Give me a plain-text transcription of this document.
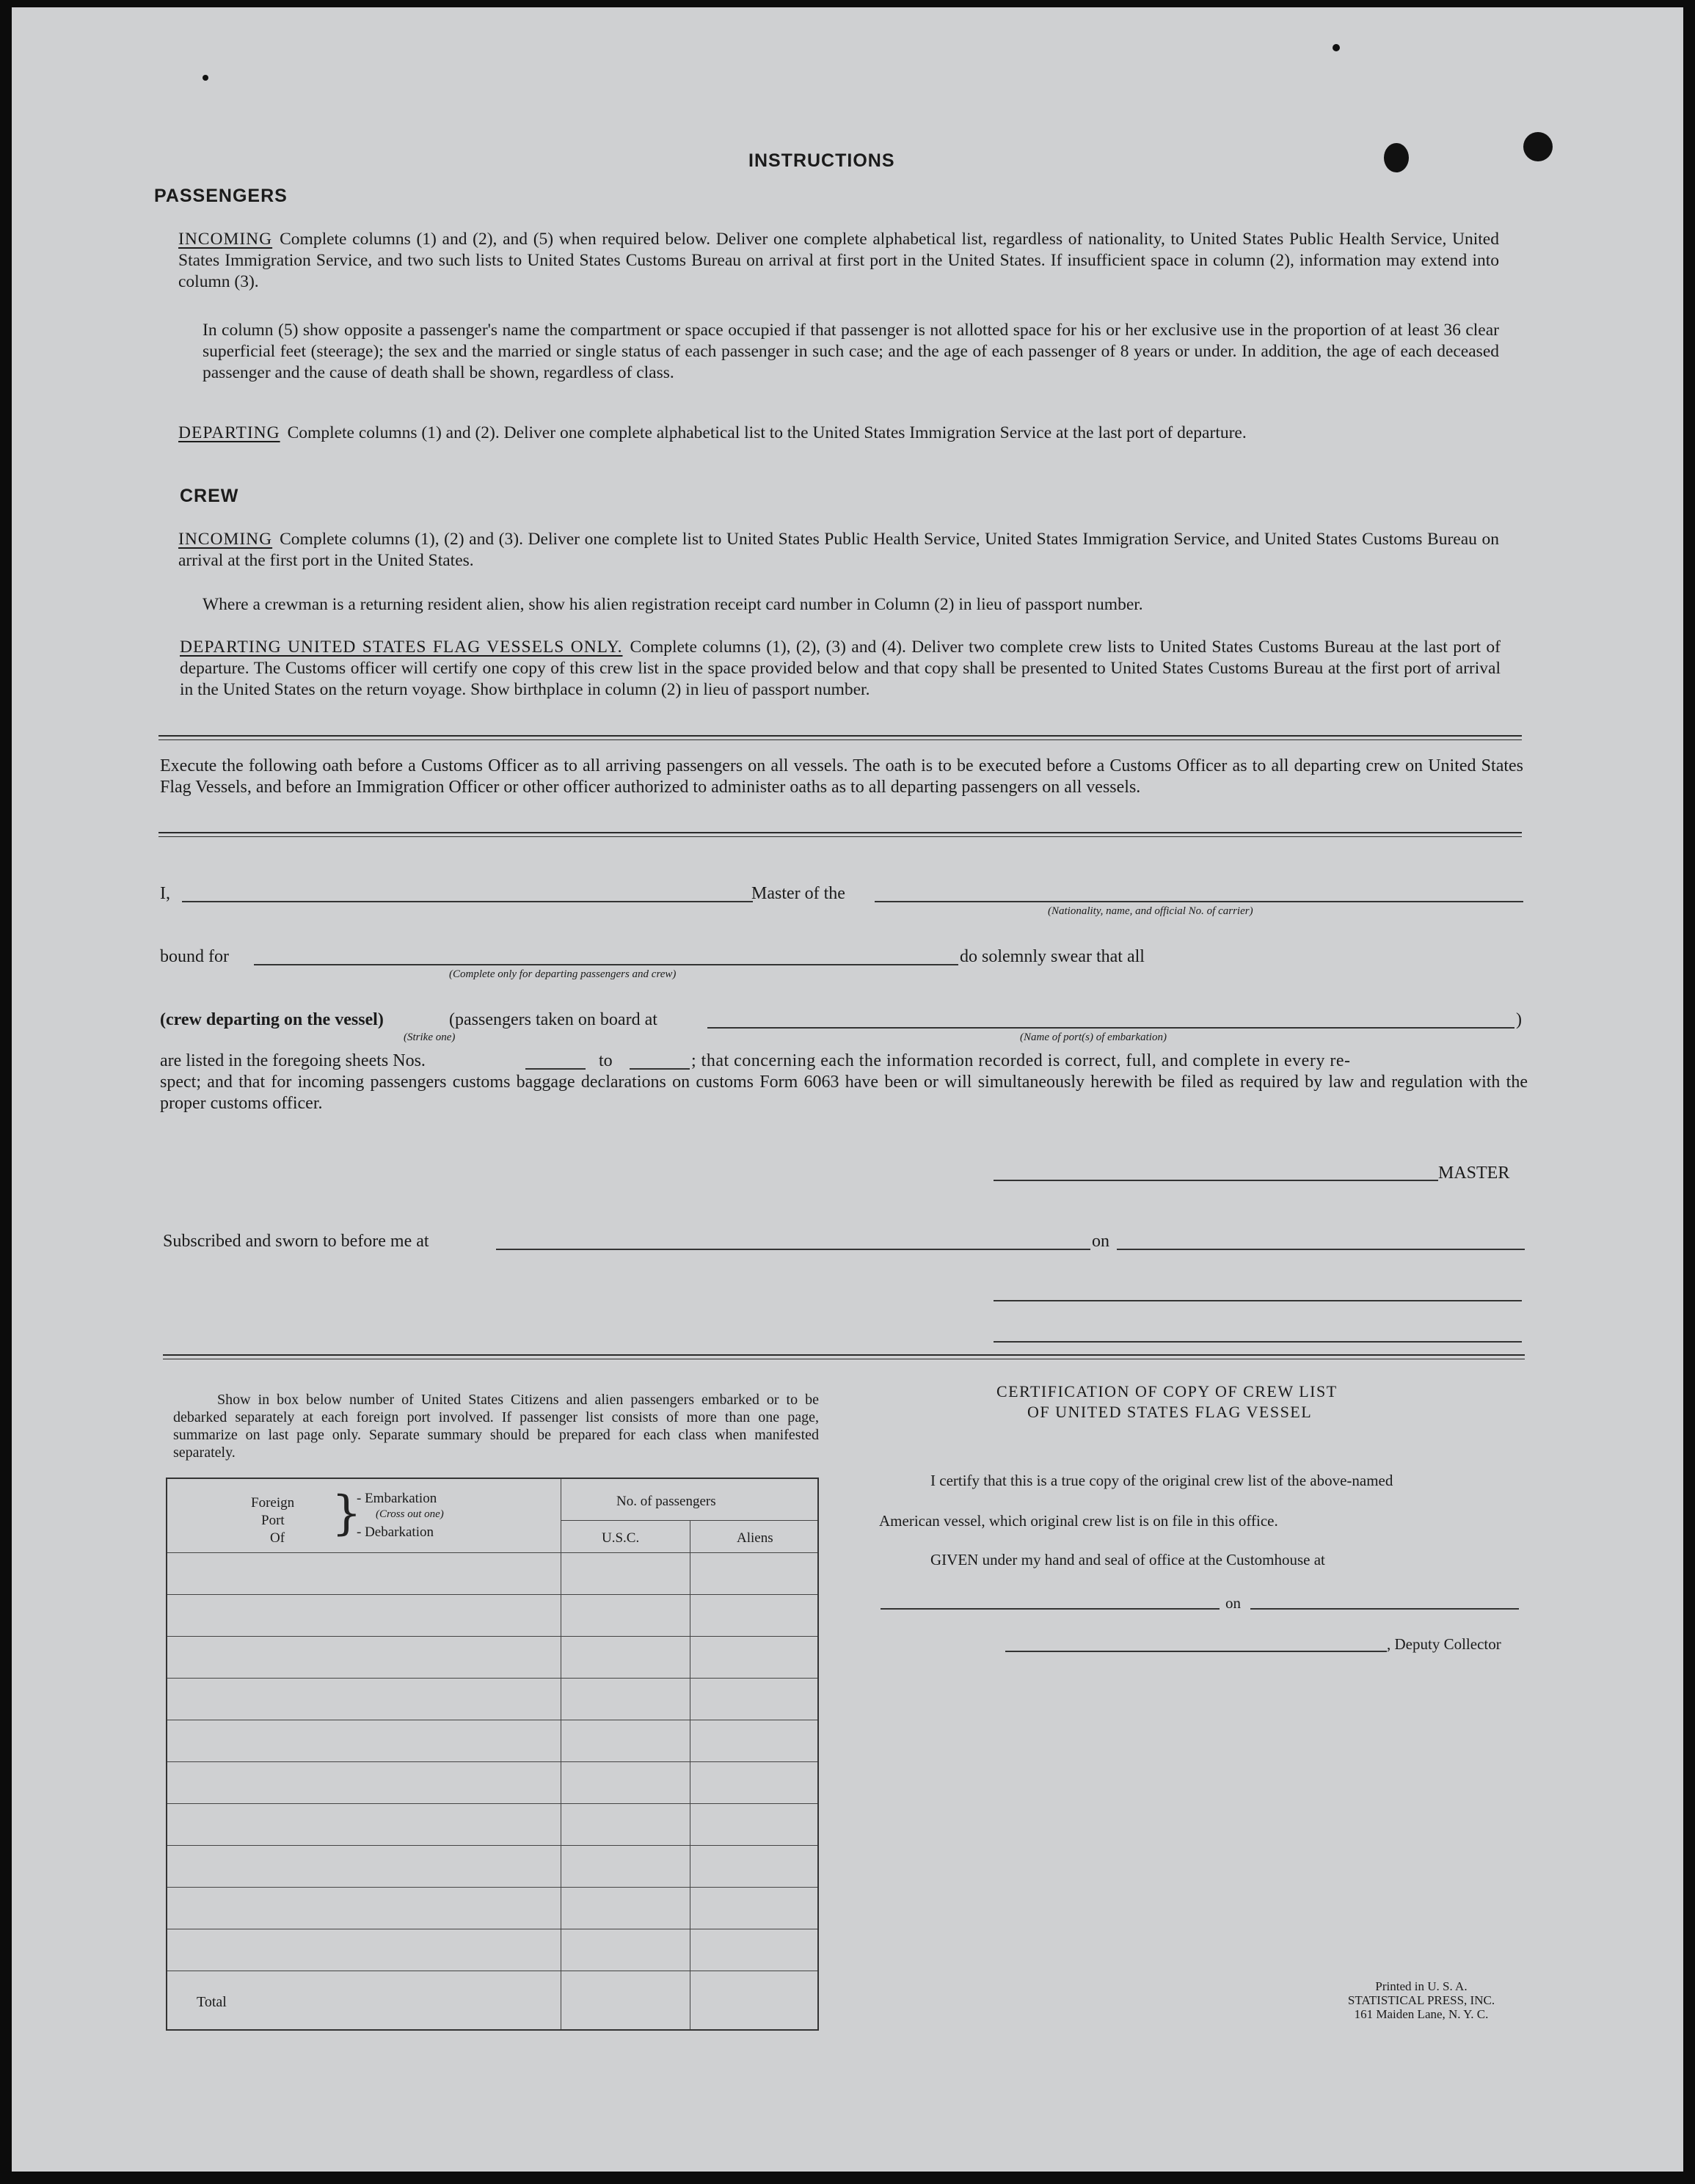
INSTRUCTIONS
PASSENGERS
INCOMING Complete columns (1) and (2), and (5) when required below. Deliver one complete alphabetical list, regardless of nationality, to United States Public Health Service, United States Immigration Service, and two such lists to United States Customs Bureau on arrival at first port in the United States. If insufficient space in column (2), information may extend into column (3).
In column (5) show opposite a passenger's name the compartment or space occupied if that passenger is not allotted space for his or her exclusive use in the proportion of at least 36 clear superficial feet (steerage); the sex and the married or single status of each passenger in such case; and the age of each passenger of 8 years or under. In addition, the age of each deceased passenger and the cause of death shall be shown, regardless of class.
DEPARTING Complete columns (1) and (2). Deliver one complete alphabetical list to the United States Immigration Service at the last port of departure.
CREW
INCOMING Complete columns (1), (2) and (3). Deliver one complete list to United States Public Health Service, United States Immigration Service, and United States Customs Bureau on arrival at the first port in the United States.
Where a crewman is a returning resident alien, show his alien registration receipt card number in Column (2) in lieu of passport number.
DEPARTING UNITED STATES FLAG VESSELS ONLY. Complete columns (1), (2), (3) and (4). Deliver two complete crew lists to United States Customs Bureau at the last port of departure. The Customs officer will certify one copy of this crew list in the space provided below and that copy shall be presented to United States Customs Bureau at the first port of arrival in the United States on the return voyage. Show birthplace in column (2) in lieu of passport number.
Execute the following oath before a Customs Officer as to all arriving passengers on all vessels. The oath is to be executed before a Customs Officer as to all departing crew on United States Flag Vessels, and before an Immigration Officer or other officer authorized to administer oaths as to all departing passengers on all vessels.
I,	Master of the
(Nationality, name, and official No. of carrier)
bound for
(Complete only for departing passengers and crew)
do solemnly swear that all
(crew departing on the vessel)	(passengers taken on board at	)
(Strike one)	(Name of port(s) of embarkation)
are listed in the foregoing sheets Nos.	to	; that concerning each the information recorded is correct, full, and complete in every re-
spect; and that for incoming passengers customs baggage declarations on customs Form 6063 have been or will simultaneously herewith be filed as required by law and regulation with the proper customs officer.
MASTER
Subscribed and sworn to before me at	on
Show in box below number of United States Citizens and alien passengers embarked or to be debarked separately at each foreign port involved. If passenger list consists of more than one page, summarize on last page only. Separate summary should be prepared for each class when manifested separately.
Foreign
Port
Of }
- Embarkation
(Cross out one)
- Debarkation
No. of passengers
U.S.C.	Aliens
Total
CERTIFICATION OF COPY OF CREW LIST
OF UNITED STATES FLAG VESSEL
I certify that this is a true copy of the original crew list of the above-named
American vessel, which original crew list is on file in this office.
GIVEN under my hand and seal of office at the Customhouse at
on
, Deputy Collector
Printed in U. S. A.
STATISTICAL PRESS, INC.
161 Maiden Lane, N. Y. C.
